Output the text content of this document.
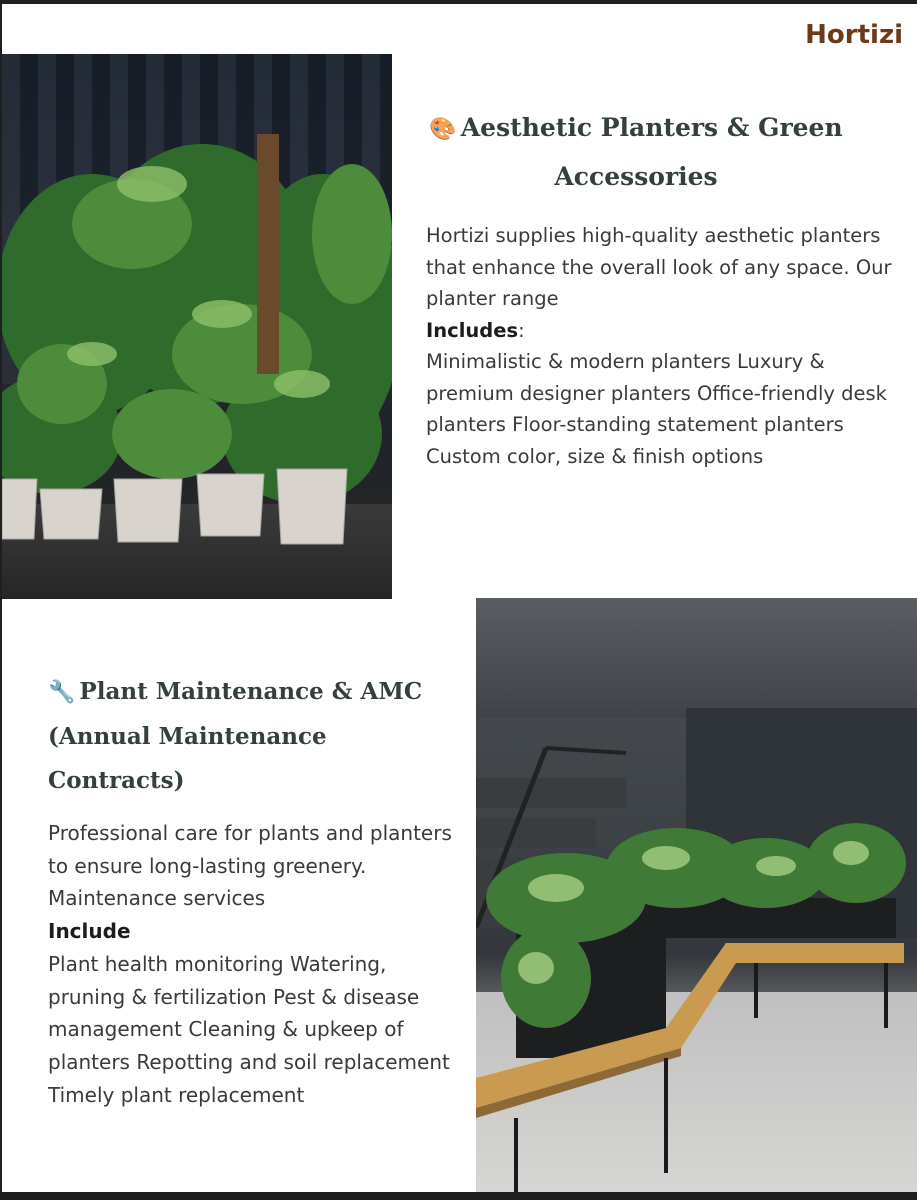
Hortizi
🎨 Aesthetic Planters & Green
Accessories

Hortizi supplies high-quality aesthetic planters that enhance the overall look of any space. Our planter range
Includes:
Minimalistic & modern planters Luxury & premium designer planters Office-friendly desk planters Floor-standing statement planters Custom color, size & finish options

🔧 Plant Maintenance & AMC
(Annual Maintenance Contracts)

Professional care for plants and planters to ensure long-lasting greenery. Maintenance services
Include
Plant health monitoring Watering, pruning & fertilization Pest & disease management Cleaning & upkeep of planters Repotting and soil replacement Timely plant replacement
